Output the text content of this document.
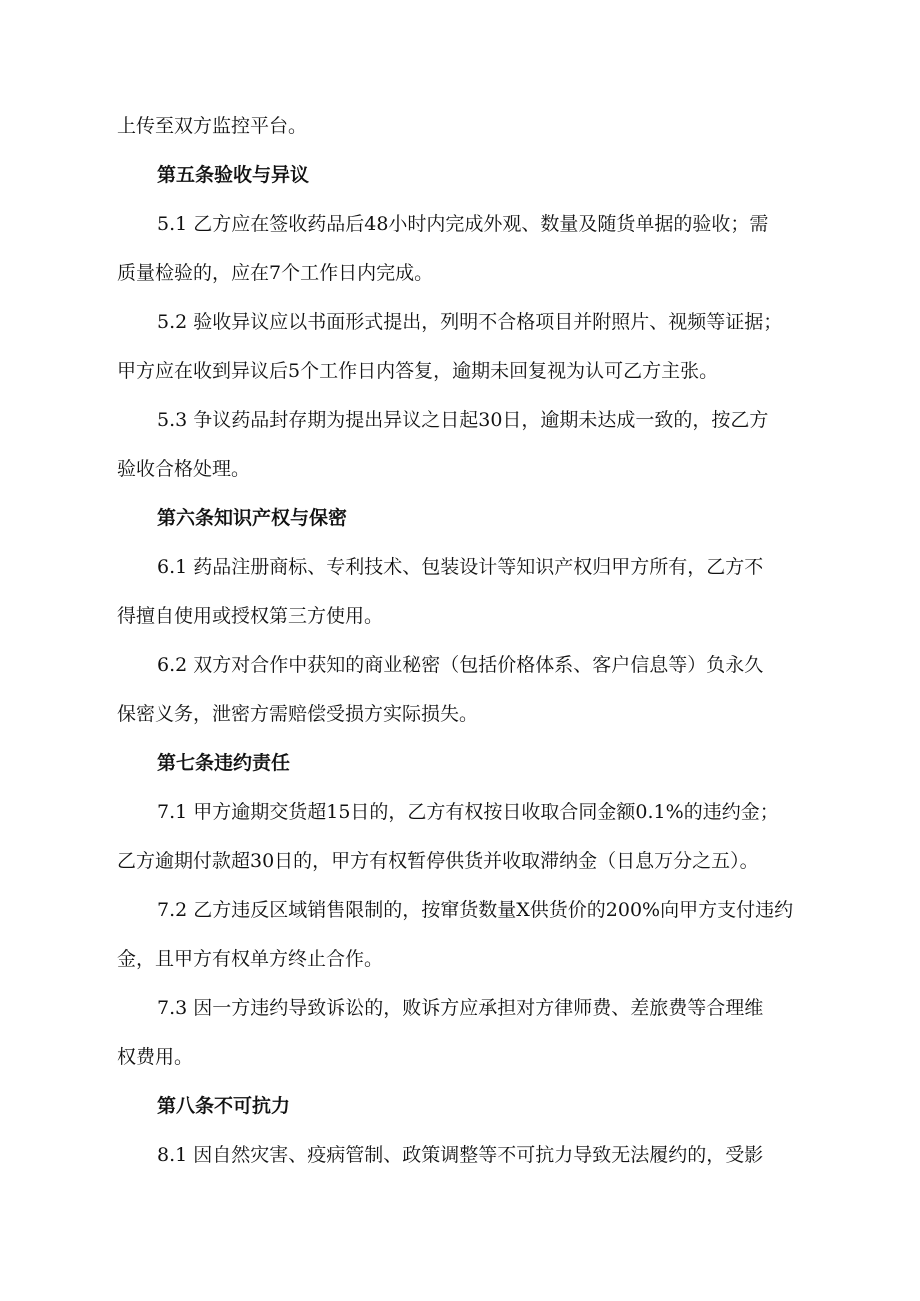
上传至双方监控平台。

第五条验收与异议

5.1 乙方应在签收药品后48小时内完成外观、数量及随货单据的验收；需

质量检验的，应在7个工作日内完成。

5.2 验收异议应以书面形式提出，列明不合格项目并附照片、视频等证据；

甲方应在收到异议后5个工作日内答复，逾期未回复视为认可乙方主张。

5.3 争议药品封存期为提出异议之日起30日，逾期未达成一致的，按乙方

验收合格处理。

第六条知识产权与保密

6.1 药品注册商标、专利技术、包装设计等知识产权归甲方所有，乙方不

得擅自使用或授权第三方使用。

6.2 双方对合作中获知的商业秘密（包括价格体系、客户信息等）负永久

保密义务，泄密方需赔偿受损方实际损失。

第七条违约责任

7.1 甲方逾期交货超15日的，乙方有权按日收取合同金额0.1%的违约金；

乙方逾期付款超30日的，甲方有权暂停供货并收取滞纳金（日息万分之五）。

7.2 乙方违反区域销售限制的，按窜货数量X供货价的200%向甲方支付违约

金，且甲方有权单方终止合作。

7.3 因一方违约导致诉讼的，败诉方应承担对方律师费、差旅费等合理维

权费用。

第八条不可抗力

8.1 因自然灾害、疫病管制、政策调整等不可抗力导致无法履约的，受影
